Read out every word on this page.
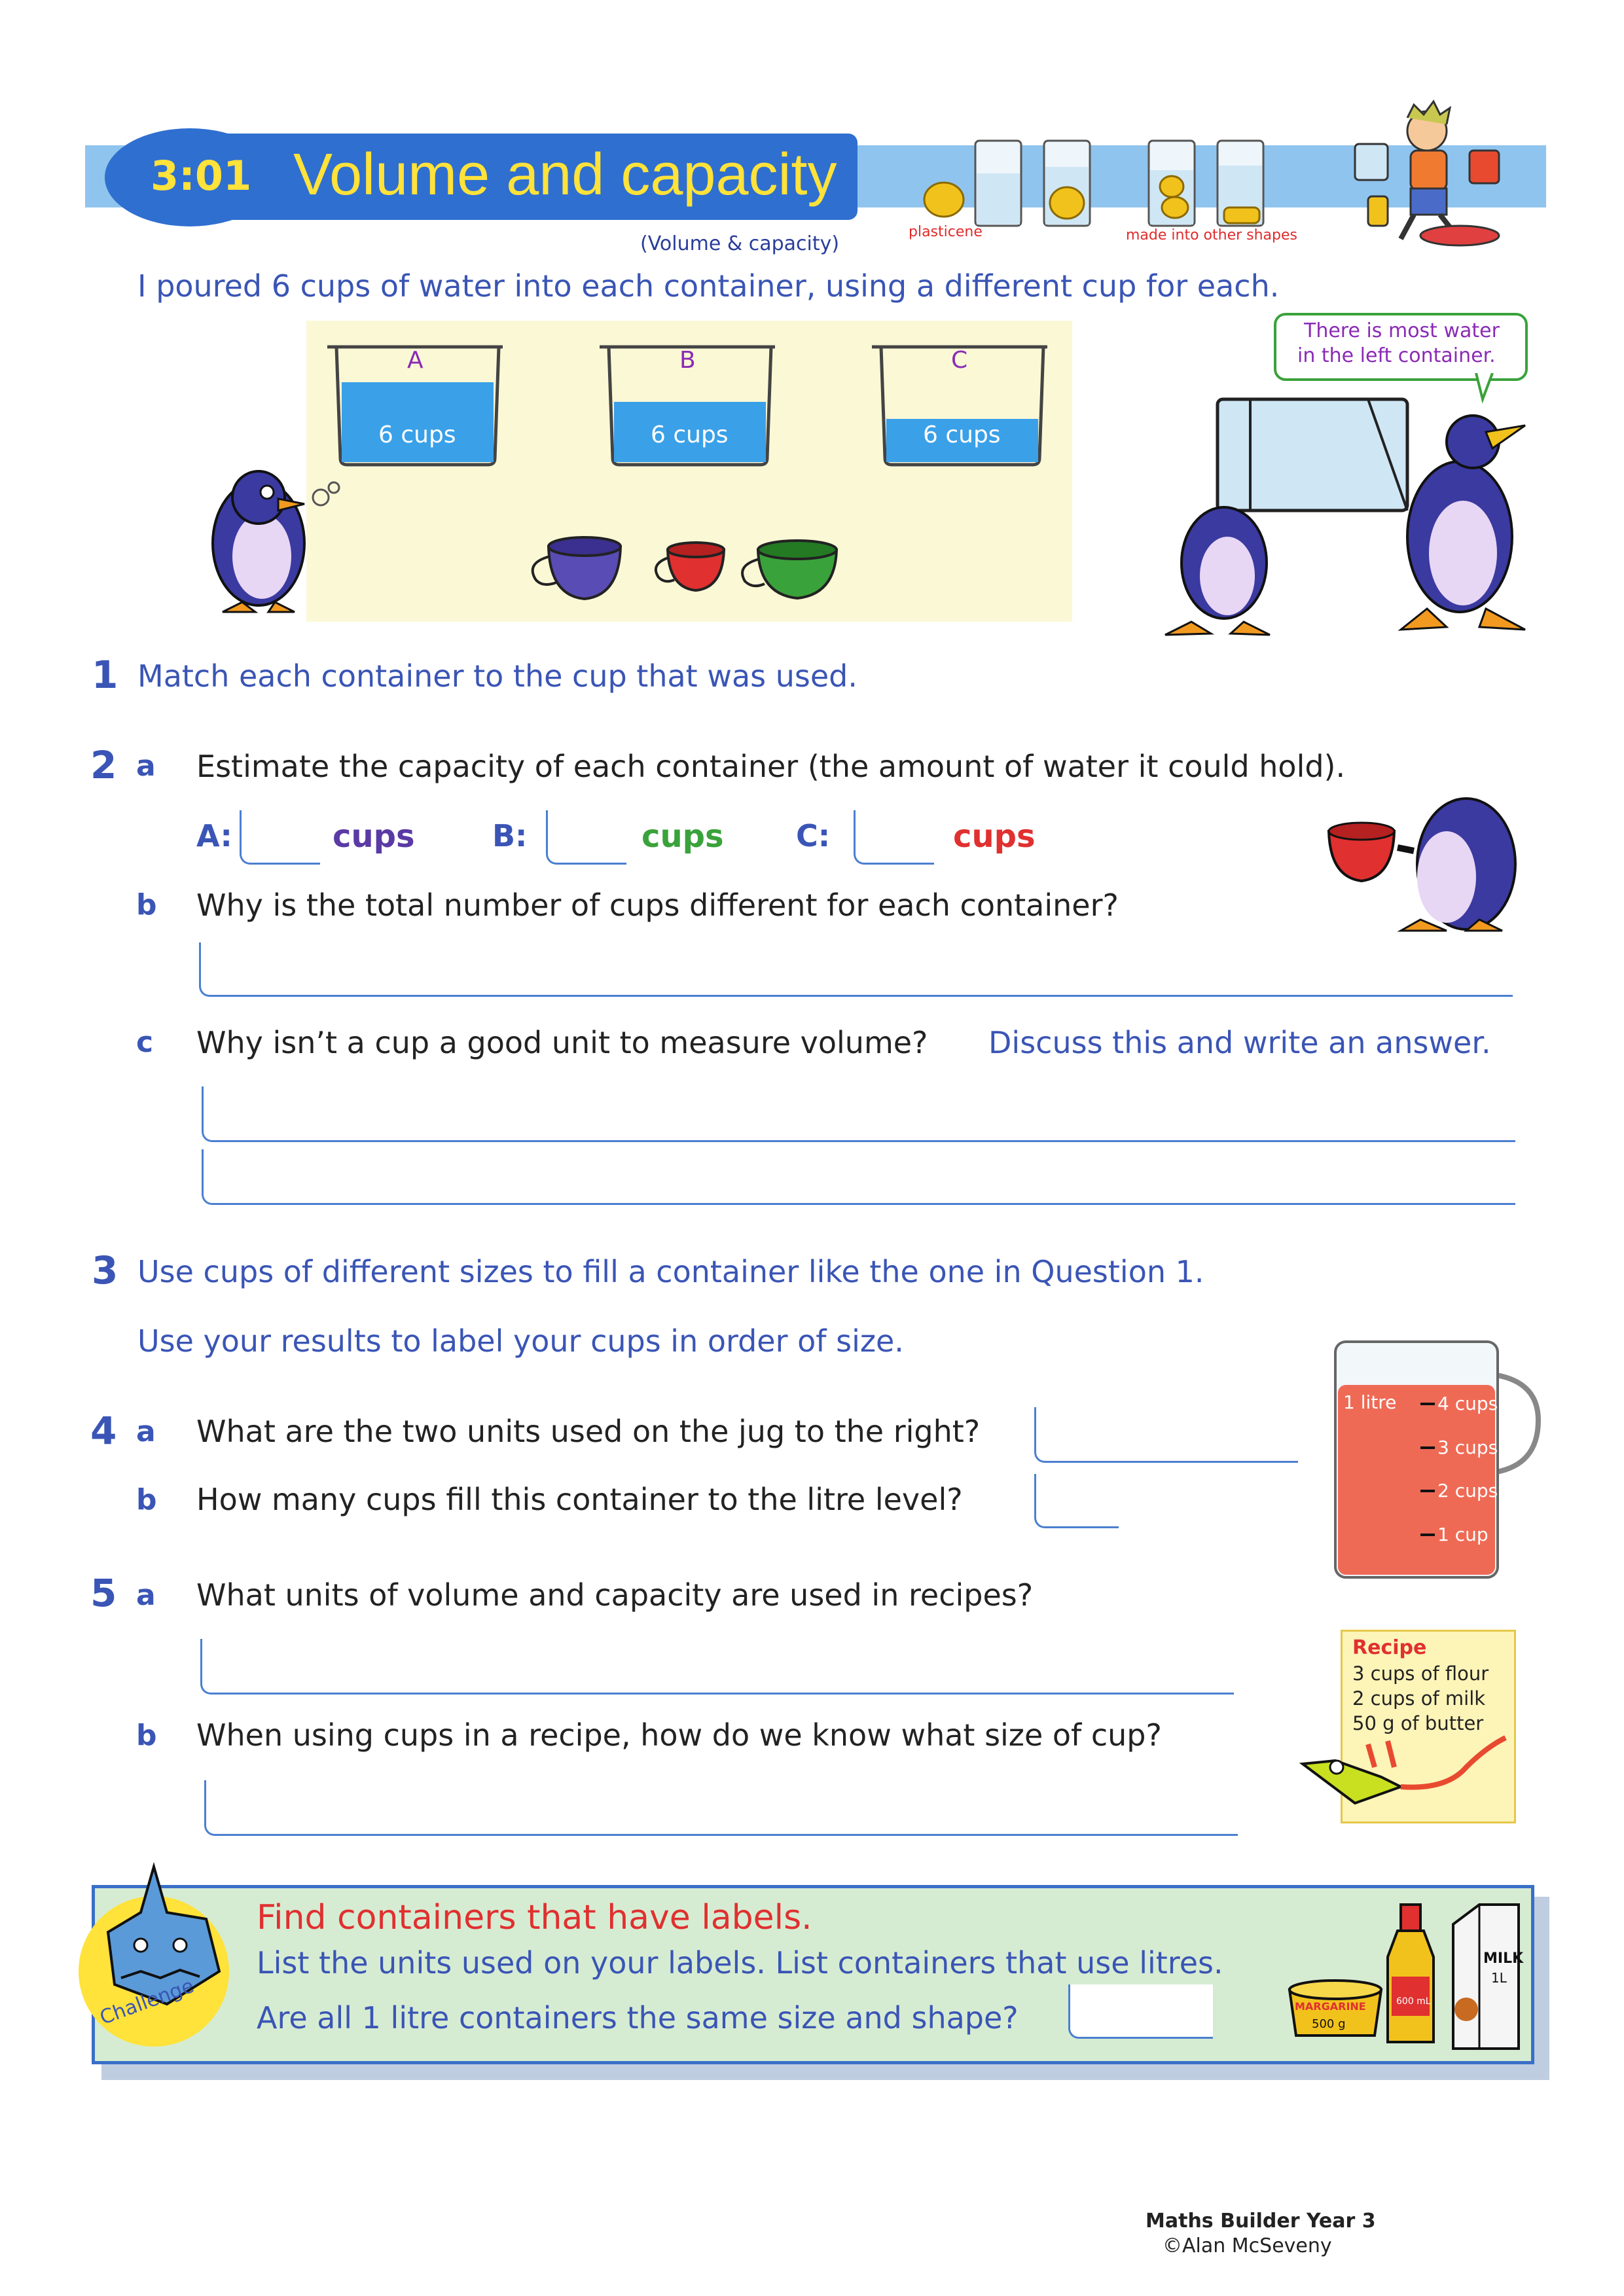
3:01 Volume and capacity
(Volume & capacity)
plasticene	made into other shapes
I poured 6 cups of water into each container, using a different cup for each.
A	B	C
6 cups	6 cups	6 cups
There is most water
in the left container.
1 Match each container to the cup that was used.
2 a Estimate the capacity of each container (the amount of water it could hold).
A:	cups	B:	cups C:	cups
b Why is the total number of cups different for each container?
c Why isn’t a cup a good unit to measure volume? Discuss this and write an answer.
3 Use cups of different sizes to fill a container like the one in Question 1.
Use your results to label your cups in order of size.
4 a What are the two units used on the jug to the right?
b How many cups fill this container to the litre level?
1 litre 4 cups
3 cups
2 cups
1 cup
5 a What units of volume and capacity are used in recipes?
b When using cups in a recipe, how do we know what size of cup?
Recipe
3 cups of flour
2 cups of milk
50 g of butter
Challenge
Find containers that have labels.
List the units used on your labels. List containers that use litres.
Are all 1 litre containers the same size and shape?	MARGARINE
500 g
600 mL
MILK
1L
Maths Builder Year 3
©Alan McSeveny
